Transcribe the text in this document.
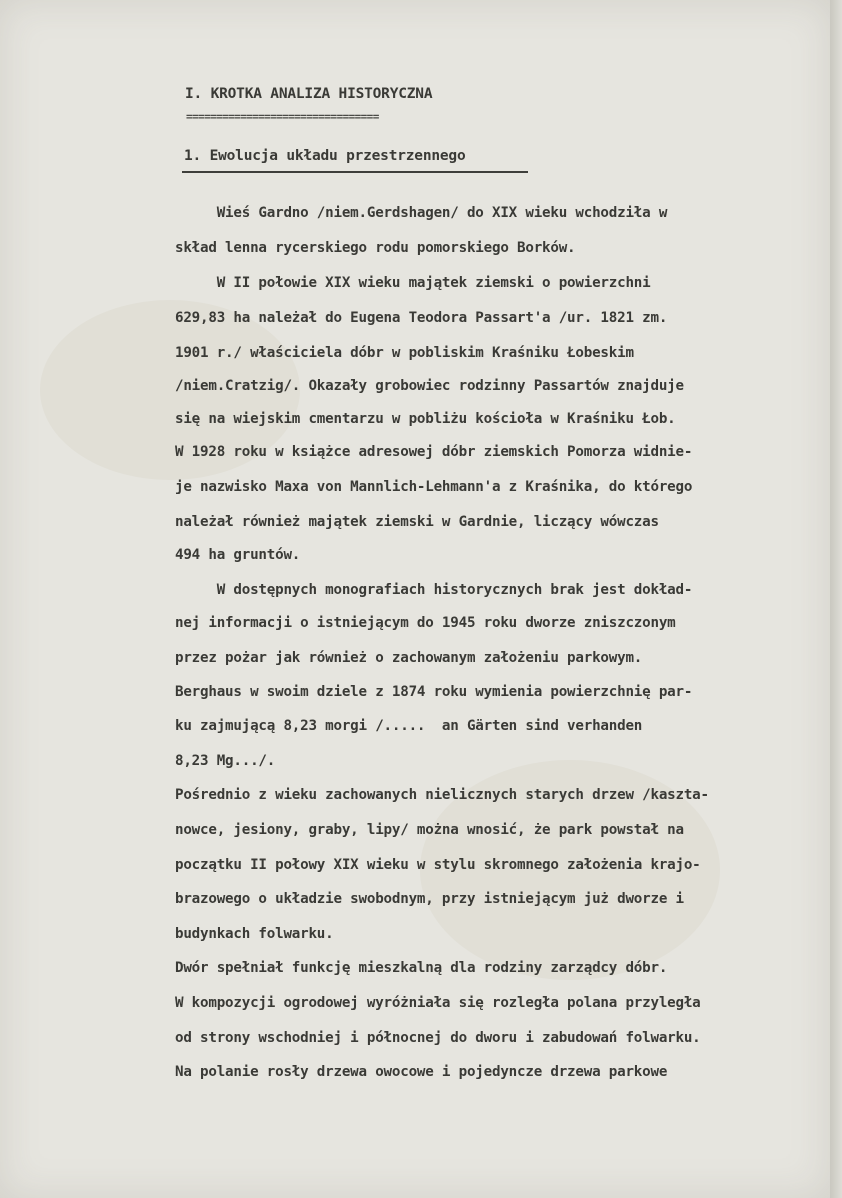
I. KROTKA ANALIZA HISTORYCZNA
================================
1. Ewolucja układu przestrzennego
Wieś Gardno /niem.Gerdshagen/ do XIX wieku wchodziła w
skład lenna rycerskiego rodu pomorskiego Borków.
W II połowie XIX wieku majątek ziemski o powierzchni
629,83 ha należał do Eugena Teodora Passart'a /ur. 1821 zm.
1901 r./ właściciela dóbr w pobliskim Kraśniku Łobeskim
/niem.Cratzig/. Okazały grobowiec rodzinny Passartów znajduje
się na wiejskim cmentarzu w pobliżu kościoła w Kraśniku Łob.
W 1928 roku w książce adresowej dóbr ziemskich Pomorza widnie-
je nazwisko Maxa von Mannlich-Lehmann'a z Kraśnika, do którego
należał również majątek ziemski w Gardnie, liczący wówczas
494 ha gruntów.
W dostępnych monografiach historycznych brak jest dokład-
nej informacji o istniejącym do 1945 roku dworze zniszczonym
przez pożar jak również o zachowanym założeniu parkowym.
Berghaus w swoim dziele z 1874 roku wymienia powierzchnię par-
ku zajmującą 8,23 morgi /.....  an Gärten sind verhanden
8,23 Mg.../.
Pośrednio z wieku zachowanych nielicznych starych drzew /kaszta-
nowce, jesiony, graby, lipy/ można wnosić, że park powstał na
początku II połowy XIX wieku w stylu skromnego założenia krajo-
brazowego o układzie swobodnym, przy istniejącym już dworze i
budynkach folwarku.
Dwór spełniał funkcję mieszkalną dla rodziny zarządcy dóbr.
W kompozycji ogrodowej wyróżniała się rozległa polana przyległa
od strony wschodniej i północnej do dworu i zabudowań folwarku.
Na polanie rosły drzewa owocowe i pojedyncze drzewa parkowe
